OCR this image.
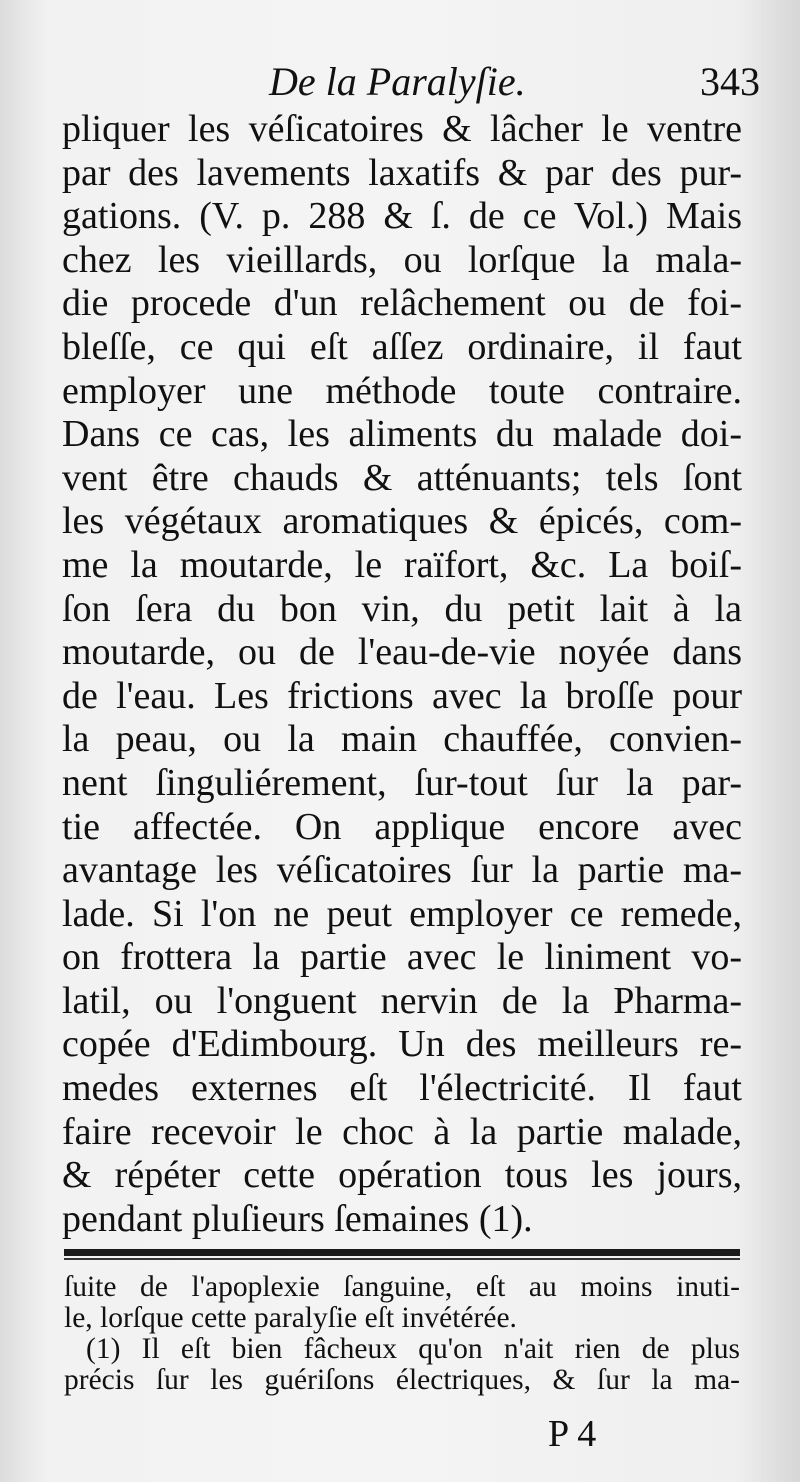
De la Paralyſie.	343
pliquer les véſicatoires & lâcher le ventre
par des lavements laxatifs & par des pur-
gations. (V. p. 288 & ſ. de ce Vol.) Mais
chez les vieillards, ou lorſque la mala-
die procede d'un relâchement ou de foi-
bleſſe, ce qui eſt aſſez ordinaire, il faut
employer une méthode toute contraire.
Dans ce cas, les aliments du malade doi-
vent être chauds & atténuants; tels ſont
les végétaux aromatiques & épicés, com-
me la moutarde, le raïfort, &c. La boiſ-
ſon ſera du bon vin, du petit lait à la
moutarde, ou de l'eau-de-vie noyée dans
de l'eau. Les frictions avec la broſſe pour
la peau, ou la main chauffée, convien-
nent ſinguliérement, ſur-tout ſur la par-
tie affectée. On applique encore avec
avantage les véſicatoires ſur la partie ma-
lade. Si l'on ne peut employer ce remede,
on frottera la partie avec le liniment vo-
latil, ou l'onguent nervin de la Pharma-
copée d'Edimbourg. Un des meilleurs re-
medes externes eſt l'électricité. Il faut
faire recevoir le choc à la partie malade,
& répéter cette opération tous les jours,
pendant pluſieurs ſemaines (1).
ſuite de l'apoplexie ſanguine, eſt au moins inuti-
le, lorſque cette paralyſie eſt invétérée.
(1) Il eſt bien fâcheux qu'on n'ait rien de plus
précis ſur les guériſons électriques, & ſur la ma-
P 4
